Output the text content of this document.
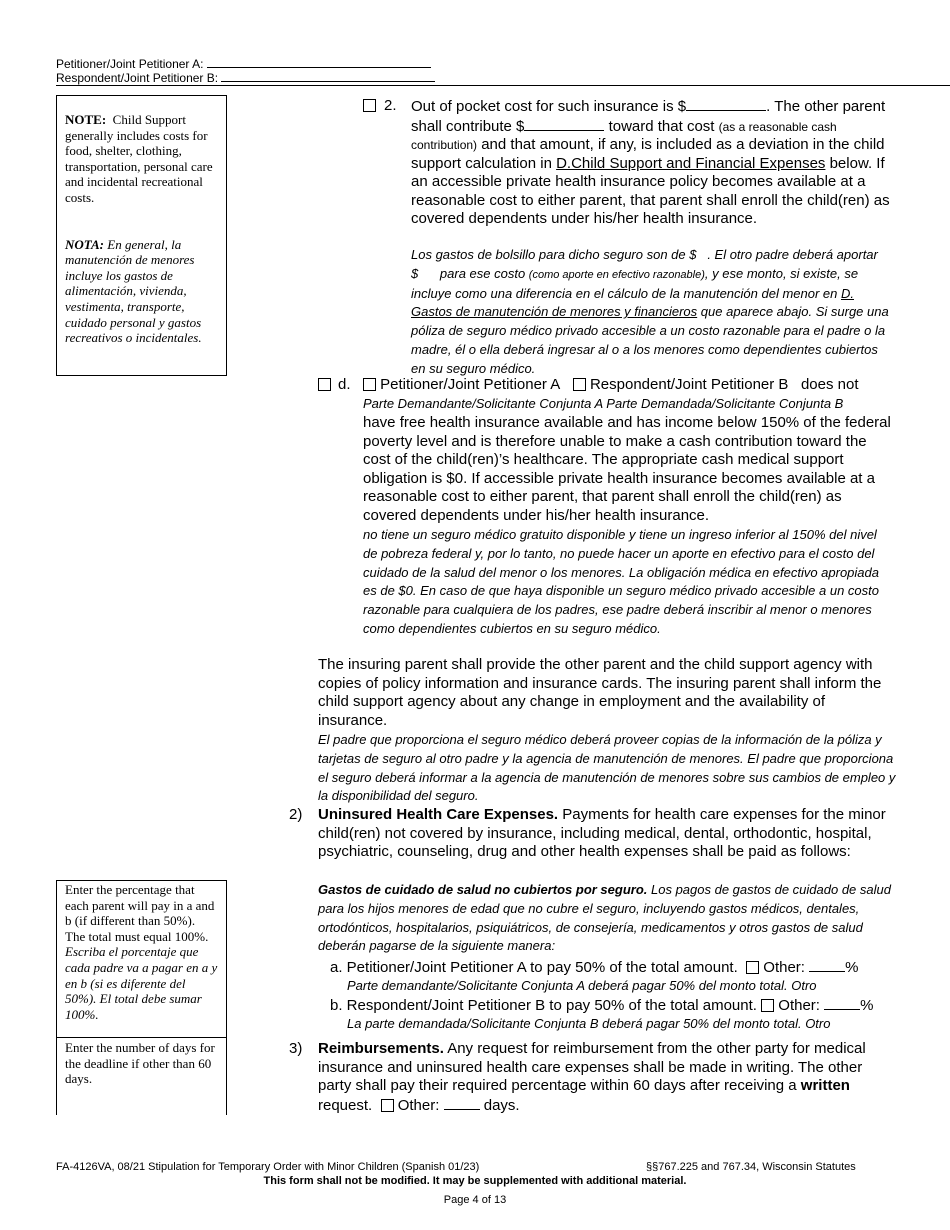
Petitioner/Joint Petitioner A:
Respondent/Joint Petitioner B:

NOTE: Child Support generally includes costs for food, shelter, clothing, transportation, personal care and incidental recreational costs.

NOTA: En general, la manutención de menores incluye los gastos de alimentación, vivienda, vestimenta, transporte, cuidado personal y gastos recreativos o incidentales.

Enter the percentage that each parent will pay in a and b (if different than 50%). The total must equal 100%.

Escriba el porcentaje que cada padre va a pagar en a y en b (si es diferente del 50%). El total debe sumar 100%.

Enter the number of days for the deadline if other than 60 days.

2. Out of pocket cost for such insurance is $	. The other parent shall contribute $	toward that cost (as a reasonable cash contribution) and that amount, if any, is included as a deviation in the child support calculation in D.Child Support and Financial Expenses below. If an accessible private health insurance policy becomes available at a reasonable cost to either parent, that parent shall enroll the child(ren) as covered dependents under his/her health insurance.
Los gastos de bolsillo para dicho seguro son de $ . El otro padre deberá aportar $ para ese costo (como aporte en efectivo razonable), y ese monto, si existe, se incluye como una diferencia en el cálculo de la manutención del menor en D. Gastos de manutención de menores y financieros que aparece abajo. Si surge una póliza de seguro médico privado accesible a un costo razonable para el padre o la madre, él o ella deberá ingresar al o a los menores como dependientes cubiertos en su seguro médico.
d.	Petitioner/Joint Petitioner A Respondent/Joint Petitioner B does not
Parte Demandante/Solicitante Conjunta A Parte Demandada/Solicitante Conjunta B
have free health insurance available and has income below 150% of the federal poverty level and is therefore unable to make a cash contribution toward the cost of the child(ren)’s healthcare. The appropriate cash medical support obligation is $0. If accessible private health insurance becomes available at a reasonable cost to either parent, that parent shall enroll the child(ren) as covered dependents under his/her health insurance.
no tiene un seguro médico gratuito disponible y tiene un ingreso inferior al 150% del nivel de pobreza federal y, por lo tanto, no puede hacer un aporte en efectivo para el costo del cuidado de la salud del menor o los menores. La obligación médica en efectivo apropiada es de $0. En caso de que haya disponible un seguro médico privado accesible a un costo razonable para cualquiera de los padres, ese padre deberá inscribir al menor o menores como dependientes cubiertos en su seguro médico.
The insuring parent shall provide the other parent and the child support agency with copies of policy information and insurance cards. The insuring parent shall inform the child support agency about any change in employment and the availability of insurance.
El padre que proporciona el seguro médico deberá proveer copias de la información de la póliza y tarjetas de seguro al otro padre y la agencia de manutención de menores. El padre que proporciona el seguro deberá informar a la agencia de manutención de menores sobre sus cambios de empleo y la disponibilidad del seguro.
2) Uninsured Health Care Expenses. Payments for health care expenses for the minor child(ren) not covered by insurance, including medical, dental, orthodontic, hospital, psychiatric, counseling, drug and other health expenses shall be paid as follows:
Gastos de cuidado de salud no cubiertos por seguro. Los pagos de gastos de cuidado de salud para los hijos menores de edad que no cubre el seguro, incluyendo gastos médicos, dentales, ortodónticos, hospitalarios, psiquiátricos, de consejería, medicamentos y otros gastos de salud deberán pagarse de la siguiente manera:
a. Petitioner/Joint Petitioner A to pay 50% of the total amount. Other:	%
Parte demandante/Solicitante Conjunta A deberá pagar 50% del monto total. Otro
b. Respondent/Joint Petitioner B to pay 50% of the total amount. Other:	%
La parte demandada/Solicitante Conjunta B deberá pagar 50% del monto total. Otro
3) Reimbursements. Any request for reimbursement from the other party for medical insurance and uninsured health care expenses shall be made in writing. The other party shall pay their required percentage within 60 days after receiving a written request. Other:	days.
FA-4126VA, 08/21 Stipulation for Temporary Order with Minor Children (Spanish 01/23)	§§767.225 and 767.34, Wisconsin Statutes
This form shall not be modified. It may be supplemented with additional material.
Page 4 of 13
